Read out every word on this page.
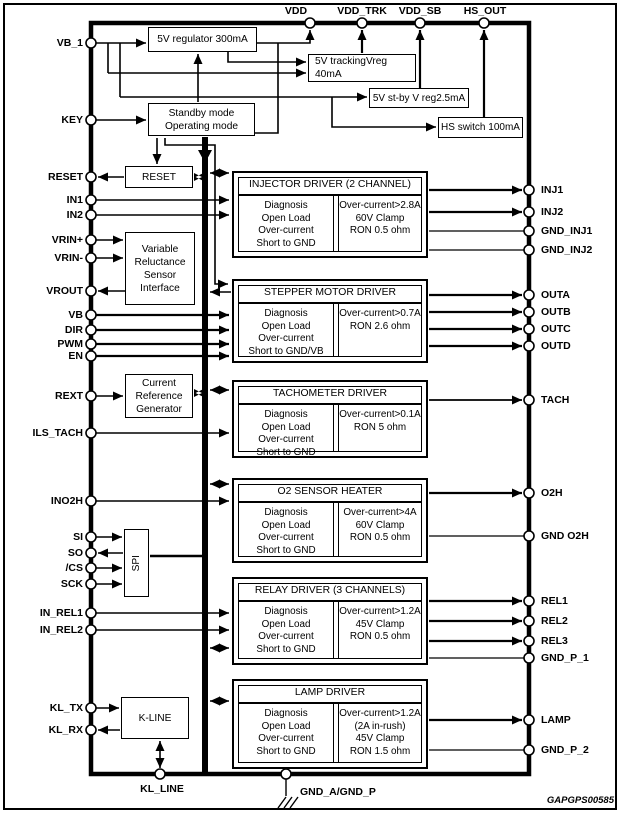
VDD	VDD_TRK VDD_SB HS_OUT
VB_1
KEY
RESET
IN1
IN2
VRIN+
VRIN-
VROUT
VB
DIR
PWM
EN
REXT
ILS_TACH
INO2H
SI
SO
/CS
SCK
IN_REL1
IN_REL2
KL_TX
KL_RX
INJ1
INJ2
GND_INJ1
GND_INJ2
OUTA
OUTB
OUTC
OUTD
TACH
O2H
GND O2H
REL1
REL2
REL3
GND_P_1
LAMP
GND_P_2
KL_LINE	GND_A/GND_P
5V regulator 300mA
5V trackingVreg
40mA
5V st-by V reg2.5mA
HS switch 100mA
Standby mode
Operating mode
RESET
Variable
Reluctance
Sensor
Interface
Current
Reference
Generator
SPI
K-LINE
INJECTOR DRIVER (2 CHANNEL)
Diagnosis
Open Load
Over-current
Short to GND
Over-current>2.8A
60V Clamp
RON 0.5 ohm
STEPPER MOTOR DRIVER
Diagnosis
Open Load
Over-current
Short to GND/VB
Over-current>0.7A
RON 2.6 ohm
TACHOMETER DRIVER
Diagnosis
Open Load
Over-current
Short to GND
Over-current>0.1A
RON 5 ohm
O2 SENSOR HEATER
Diagnosis
Open Load
Over-current
Short to GND
Over-current>4A
60V Clamp
RON 0.5 ohm
RELAY DRIVER (3 CHANNELS)
Diagnosis
Open Load
Over-current
Short to GND
Over-current>1.2A
45V Clamp
RON 0.5 ohm
LAMP DRIVER
Diagnosis
Open Load
Over-current
Short to GND
Over-current>1.2A
(2A in-rush)
45V Clamp
RON 1.5 ohm
GAPGPS00585
